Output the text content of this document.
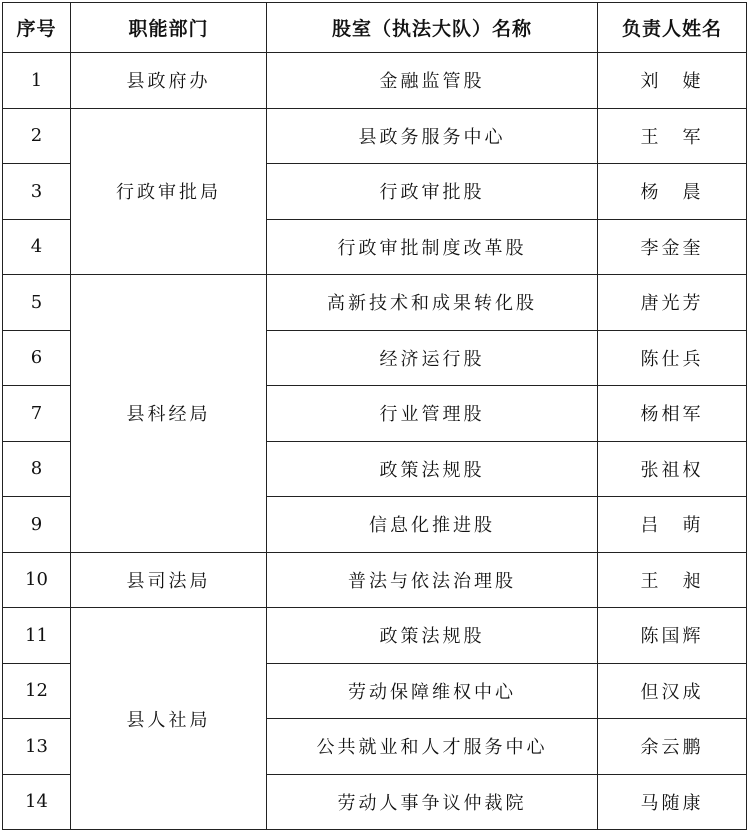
序号	职能部门	股室（执法大队）名称	负责人姓名
1	县政府办	金融监管股	刘　婕
2	行政审批局	县政务服务中心	王　军
3		行政审批股	杨　晨
4		行政审批制度改革股	李金奎
5	县科经局	高新技术和成果转化股	唐光芳
6		经济运行股	陈仕兵
7		行业管理股	杨相军
8		政策法规股	张祖权
9		信息化推进股	吕　萌
10	县司法局	普法与依法治理股	王　昶
11	县人社局	政策法规股	陈国辉
12		劳动保障维权中心	但汉成
13		公共就业和人才服务中心	余云鹏
14		劳动人事争议仲裁院	马随康
